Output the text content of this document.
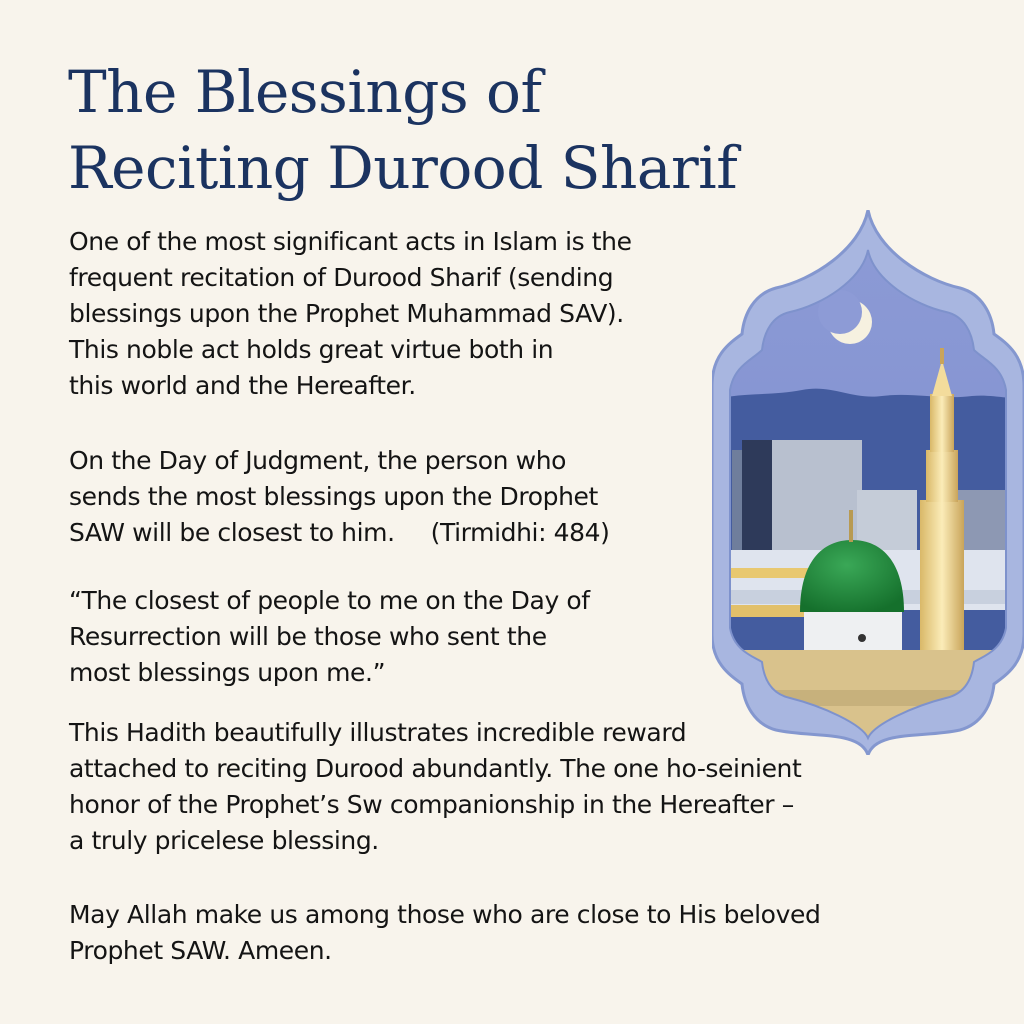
The Blessings of
Reciting Durood Sharif

One of the most significant acts in Islam is the
frequent recitation of Durood Sharif (sending
blessings upon the Prophet Muhammad SAV).
This noble act holds great virtue both in
this world and the Hereafter.

On the Day of Judgment, the person who
sends the most blessings upon the Drophet
SAW will be closest to him. (Tirmidhi: 484)

“The closest of people to me on the Day of
Resurrection will be those who sent the
most blessings upon me.”

This Hadith beautifully illustrates incredible reward
attached to reciting Durood abundantly. The one ho-seinient
honor of the Prophet’s Sw companionship in the Hereafter –
a truly pricelese blessing.

May Allah make us among those who are close to His beloved
Prophet SAW. Ameen.
